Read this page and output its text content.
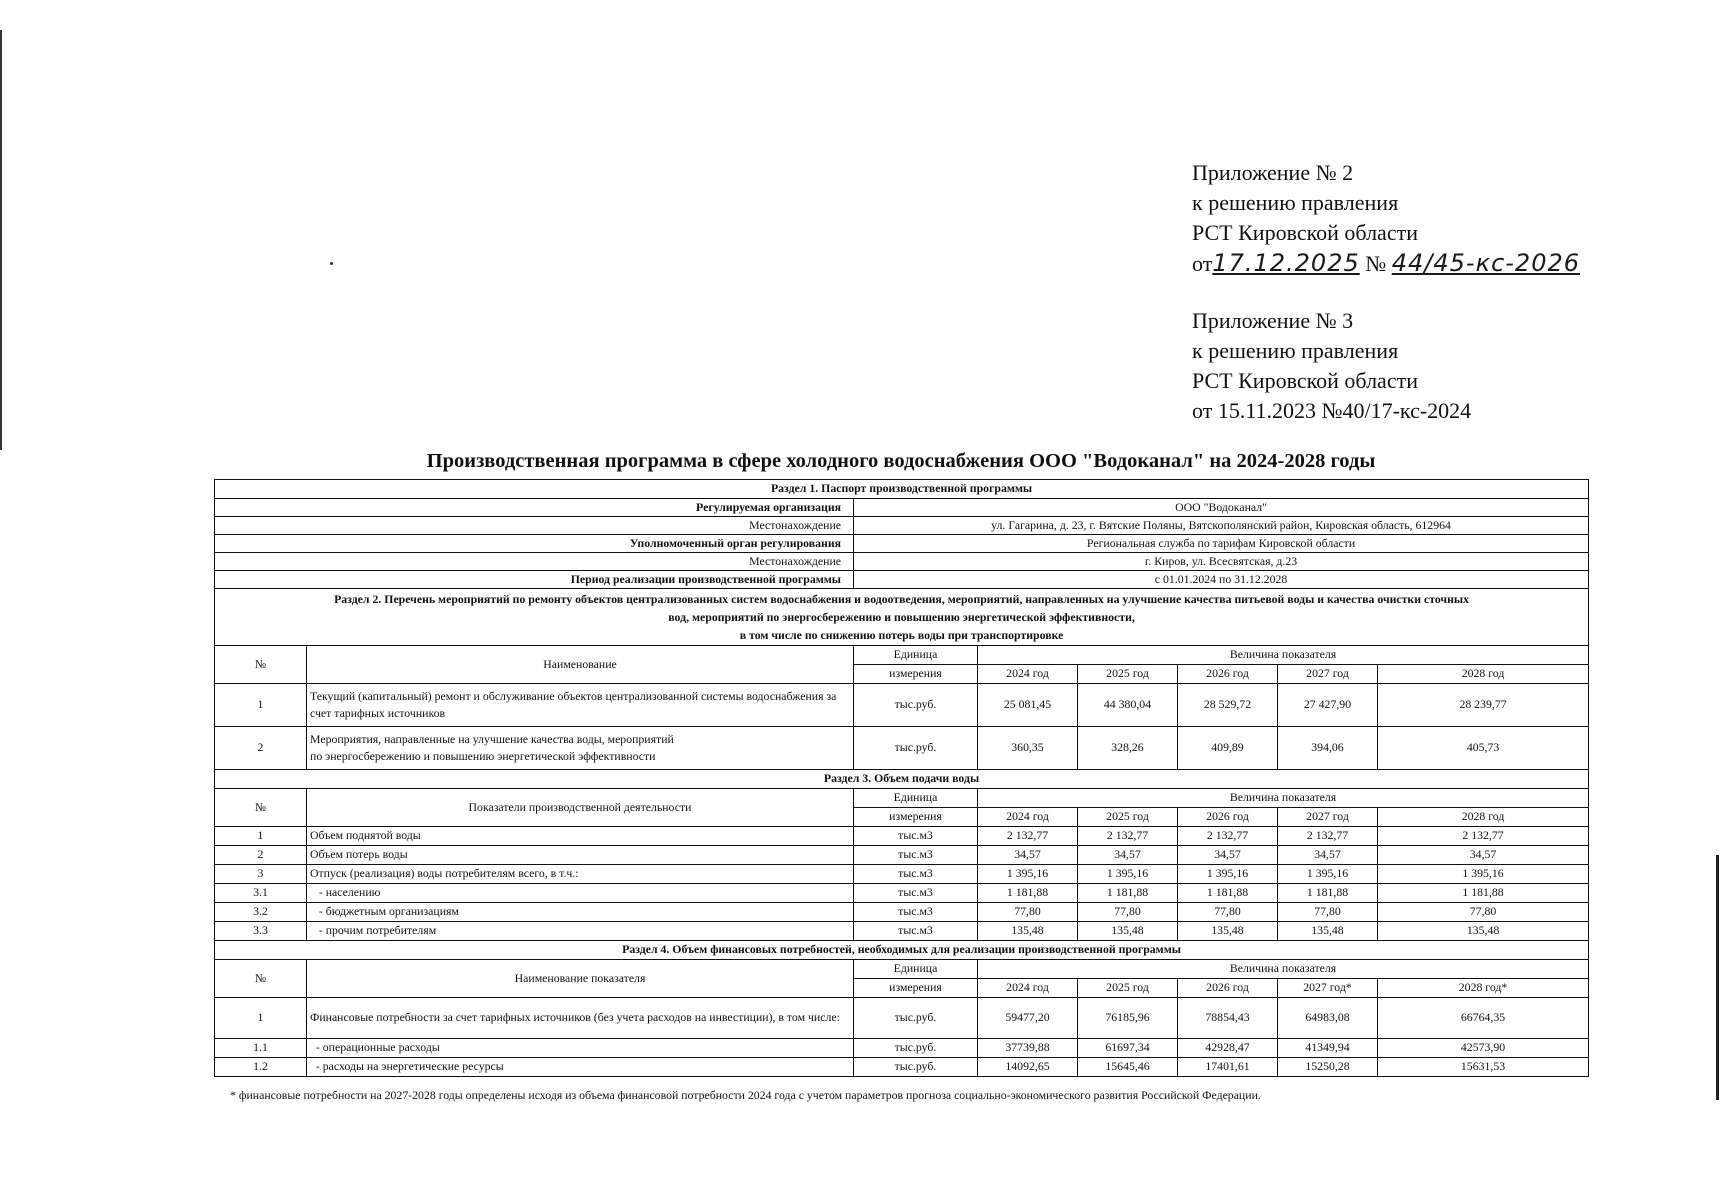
Приложение № 2
к решению правления
РСТ Кировской области
от17.12.2025 № 44/45-кс-2026
Приложение № 3
к решению правления
РСТ Кировской области
от 15.11.2023 №40/17-кс-2024
Производственная программа в сфере холодного водоснабжения ООО "Водоканал" на 2024-2028 годы
Раздел 1. Паспорт производственной программы							
Регулируемая организация		ООО "Водоканал"					
Местонахождение		ул. Гагарина, д. 23, г. Вятские Поляны, Вятскополянский район, Кировская область, 612964					
Уполномоченный орган регулирования		Региональная служба по тарифам Кировской области					
Местонахождение		г. Киров, ул. Всесвятская, д.23					
Период реализации производственной программы		с 01.01.2024 по 31.12.2028					

Раздел 2. Перечень мероприятий по ремонту объектов централизованных систем водоснабжения и водоотведения, мероприятий, направленных на улучшение качества питьевой воды и качества очистки сточных
вод, мероприятий по энергосбережению и повышению энергетической эффективности,
в том числе по снижению потерь воды при транспортировке							

№	Наименование	Единица	Величина показателя				
		измерения	2024 год	2025 год	2026 год	2027 год	2028 год
1	Текущий (капитальный) ремонт и обслуживание объектов централизованной системы водоснабжения за
счет тарифных источников	тыс.руб.	25 081,45	44 380,04	28 529,72	27 427,90	28 239,77
2	Мероприятия, направленные на улучшение качества воды, мероприятий
по энергосбережению и повышению энергетической эффективности	тыс.руб.	360,35	328,26	409,89	394,06	405,73
Раздел 3. Объем подачи воды							
№	Показатели производственной деятельности	Единица	Величина показателя				
		измерения	2024 год	2025 год	2026 год	2027 год	2028 год
1	Объем поднятой воды	тыс.м3	2 132,77	2 132,77	2 132,77	2 132,77	2 132,77
2	Объем потерь воды	тыс.м3	34,57	34,57	34,57	34,57	34,57
3	Отпуск (реализация) воды потребителям всего, в т.ч.:	тыс.м3	1 395,16	1 395,16	1 395,16	1 395,16	1 395,16
3.1	- населению	тыс.м3	1 181,88	1 181,88	1 181,88	1 181,88	1 181,88
3.2	- бюджетным организациям	тыс.м3	77,80	77,80	77,80	77,80	77,80
3.3	- прочим потребителям	тыс.м3	135,48	135,48	135,48	135,48	135,48
Раздел 4. Объем финансовых потребностей, необходимых для реализации производственной программы							
№	Наименование показателя	Единица	Величина показателя				
		измерения	2024 год	2025 год	2026 год	2027 год*	2028 год*
1	Финансовые потребности за счет тарифных источников (без учета расходов на инвестиции), в том числе:	тыс.руб.	59477,20	76185,96	78854,43	64983,08	66764,35
1.1	- операционные расходы	тыс.руб.	37739,88	61697,34	42928,47	41349,94	42573,90
1.2	- расходы на энергетические ресурсы	тыс.руб.	14092,65	15645,46	17401,61	15250,28	15631,53
* финансовые потребности на 2027-2028 годы определены исходя из объема финансовой потребности 2024 года с учетом параметров прогноза социально-экономического развития Российской Федерации.
